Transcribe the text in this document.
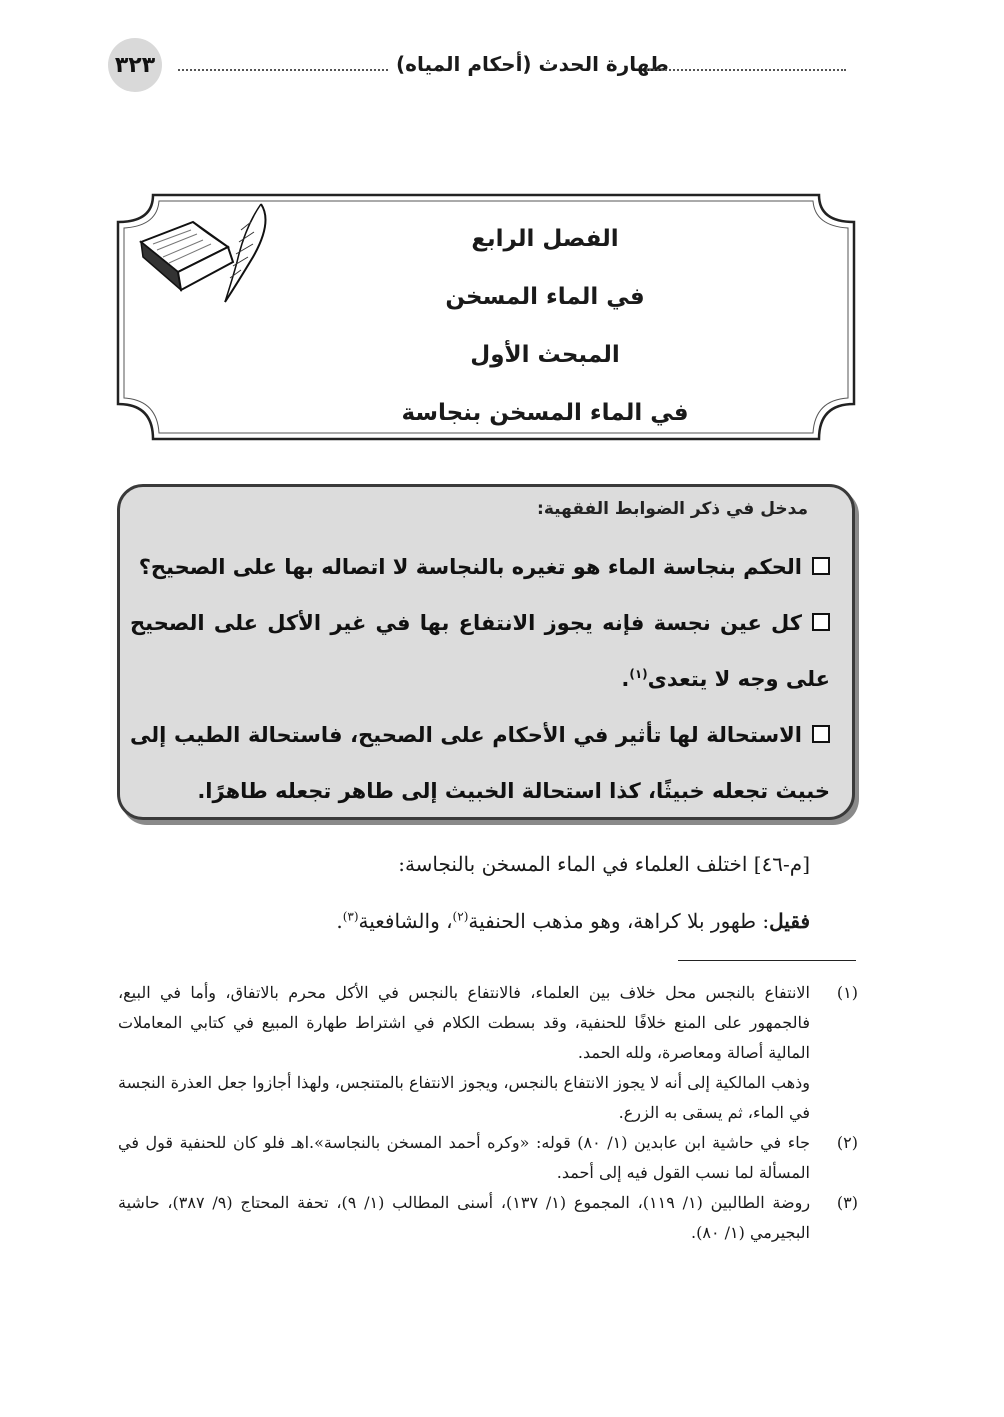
٣٢٣	طهارة الحدث (أحكام المياه)
الفصل الرابع
في الماء المسخن
المبحث الأول
في الماء المسخن بنجاسة
مدخل في ذكر الضوابط الفقهية:
الحكم بنجاسة الماء هو تغيره بالنجاسة لا اتصاله بها على الصحيح؟
كل عين نجسة فإنه يجوز الانتفاع بها في غير الأكل على الصحيح على وجه لا يتعدى$^{(١)}$.
الاستحالة لها تأثير في الأحكام على الصحيح، فاستحالة الطيب إلى خبيث تجعله خبيثًا، كذا استحالة الخبيث إلى طاهر تجعله طاهرًا.
[م-٤٦] اختلف العلماء في الماء المسخن بالنجاسة:
فقيل: طهور بلا كراهة، وهو مذهب الحنفية$^{(٢)}$، والشافعية$^{(٣)}$.
(١)

الانتفاع بالنجس محل خلاف بين العلماء، فالانتفاع بالنجس في الأكل محرم بالاتفاق، وأما في البيع، فالجمهور على المنع خلافًا للحنفية، وقد بسطت الكلام في اشتراط طهارة المبيع في كتابي المعاملات المالية أصالة ومعاصرة، ولله الحمد.

وذهب المالكية إلى أنه لا يجوز الانتفاع بالنجس، ويجوز الانتفاع بالمتنجس، ولهذا أجازوا جعل العذرة النجسة في الماء، ثم يسقى به الزرع.

(٢)

جاء في حاشية ابن عابدين (١/ ٨٠) قوله: «وكره أحمد المسخن بالنجاسة».اهـ فلو كان للحنفية قول في المسألة لما نسب القول فيه إلى أحمد.

(٣)

روضة الطالبين (١/ ١١٩)، المجموع (١/ ١٣٧)، أسنى المطالب (١/ ٩)، تحفة المحتاج (٩/ ٣٨٧)، حاشية البجيرمي (١/ ٨٠).
